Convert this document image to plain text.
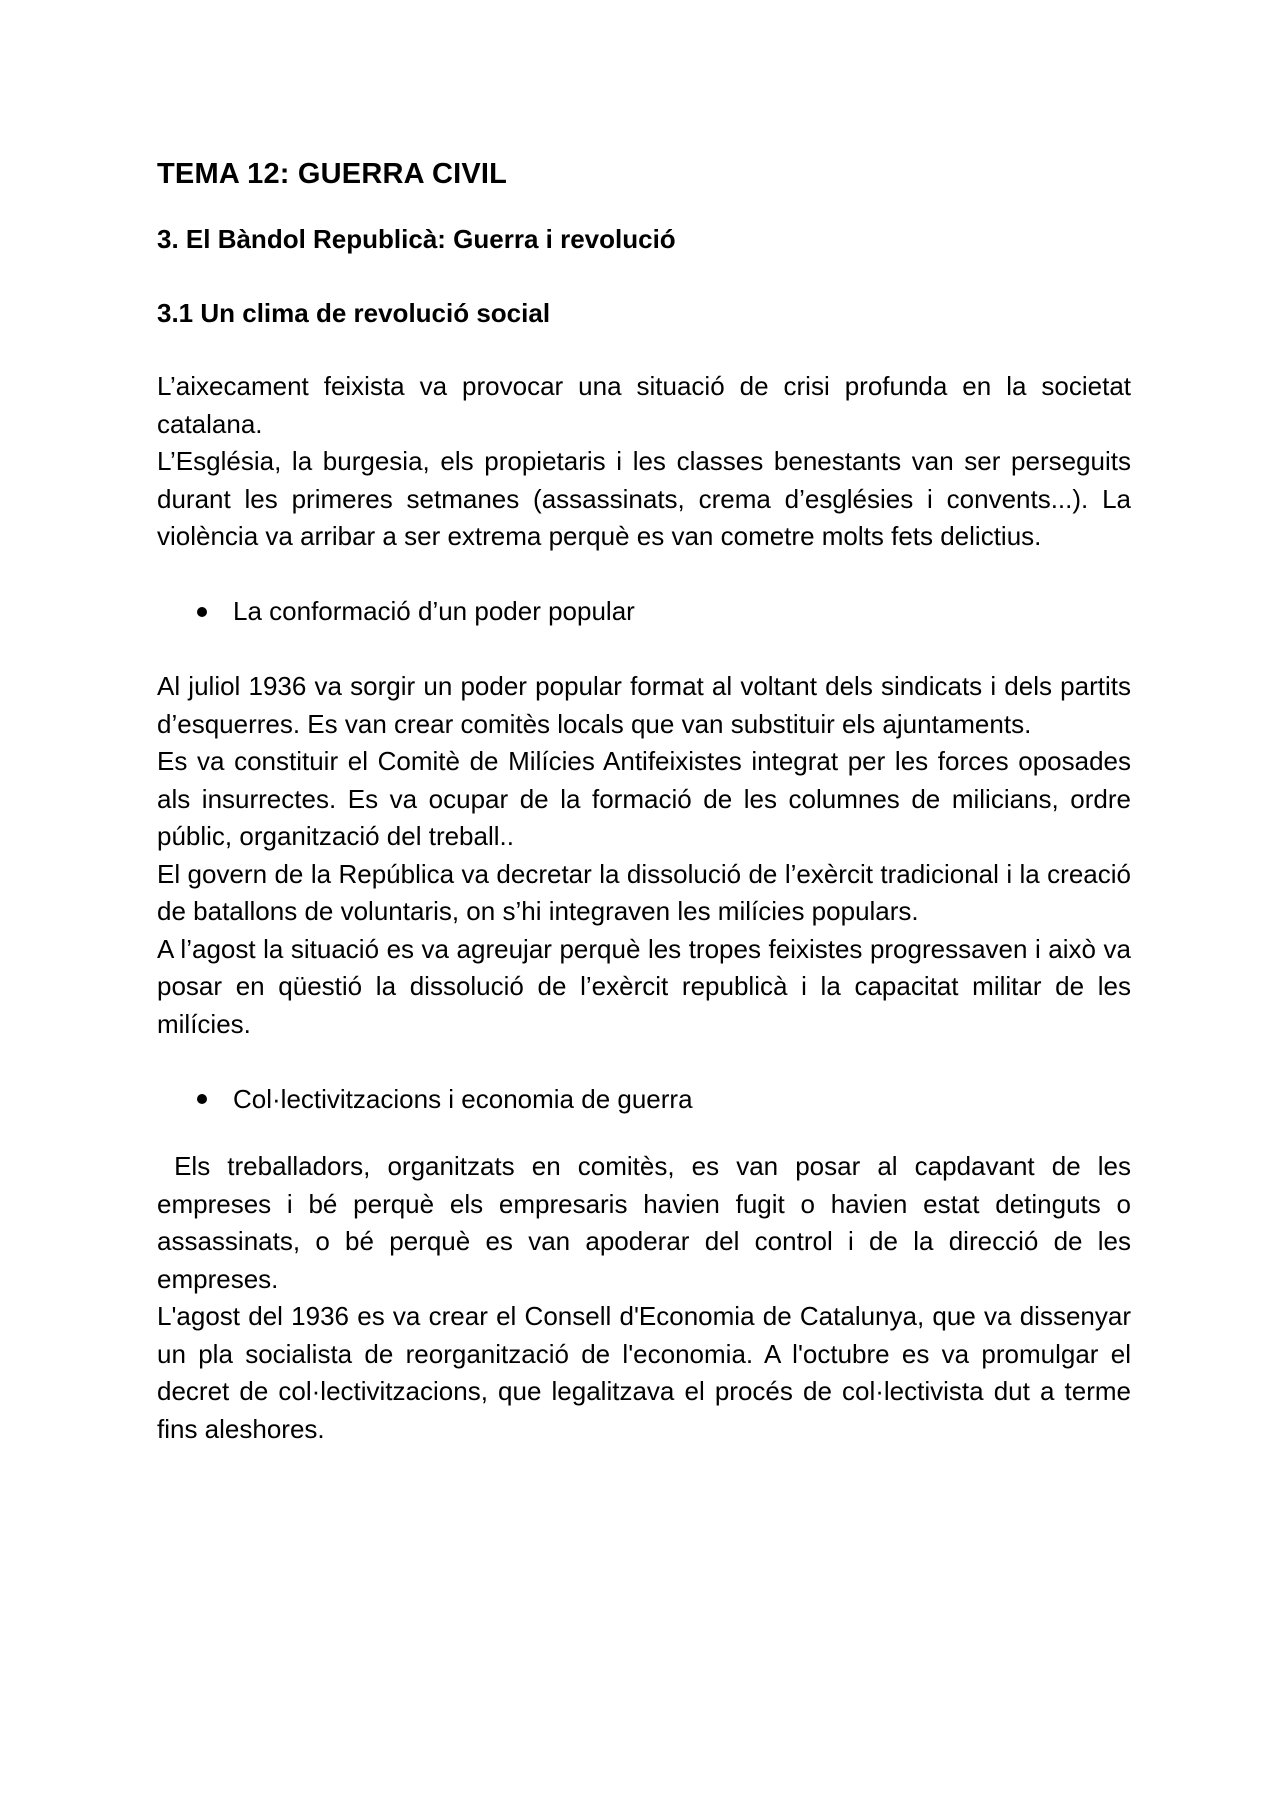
TEMA 12: GUERRA CIVIL
3. El Bàndol Republicà: Guerra i revolució
3.1 Un clima de revolució social

L’aixecament feixista va provocar una situació de crisi profunda en la societat catalana.

L’Església, la burgesia, els propietaris i les classes benestants van ser perseguits durant les primeres setmanes (assassinats, crema d’esglésies i convents...). La violència va arribar a ser extrema perquè es van cometre molts fets delictius.

La conformació d’un poder popular

Al juliol 1936 va sorgir un poder popular format al voltant dels sindicats i dels partits d’esquerres. Es van crear comitès locals que van substituir els ajuntaments.

Es va constituir el Comitè de Milícies Antifeixistes integrat per les forces oposades als insurrectes. Es va ocupar de la formació de les columnes de milicians, ordre públic, organització del treball..

El govern de la República va decretar la dissolució de l’exèrcit tradicional i la creació de batallons de voluntaris, on s’hi integraven les milícies populars.

A l’agost la situació es va agreujar perquè les tropes feixistes progressaven i això va posar en qüestió la dissolució de l’exèrcit republicà i la capacitat militar de les milícies.

Col·lectivitzacions i economia de guerra

Els treballadors, organitzats en comitès, es van posar al capdavant de les empreses i bé perquè els empresaris havien fugit o havien estat detinguts o assassinats, o bé perquè es van apoderar del control i de la direcció de les empreses.

L'agost del 1936 es va crear el Consell d'Economia de Catalunya, que va dissenyar un pla socialista de reorganització de l'economia. A l'octubre es va promulgar el decret de col·lectivitzacions, que legalitzava el procés de col·lectivista dut a terme fins aleshores.
